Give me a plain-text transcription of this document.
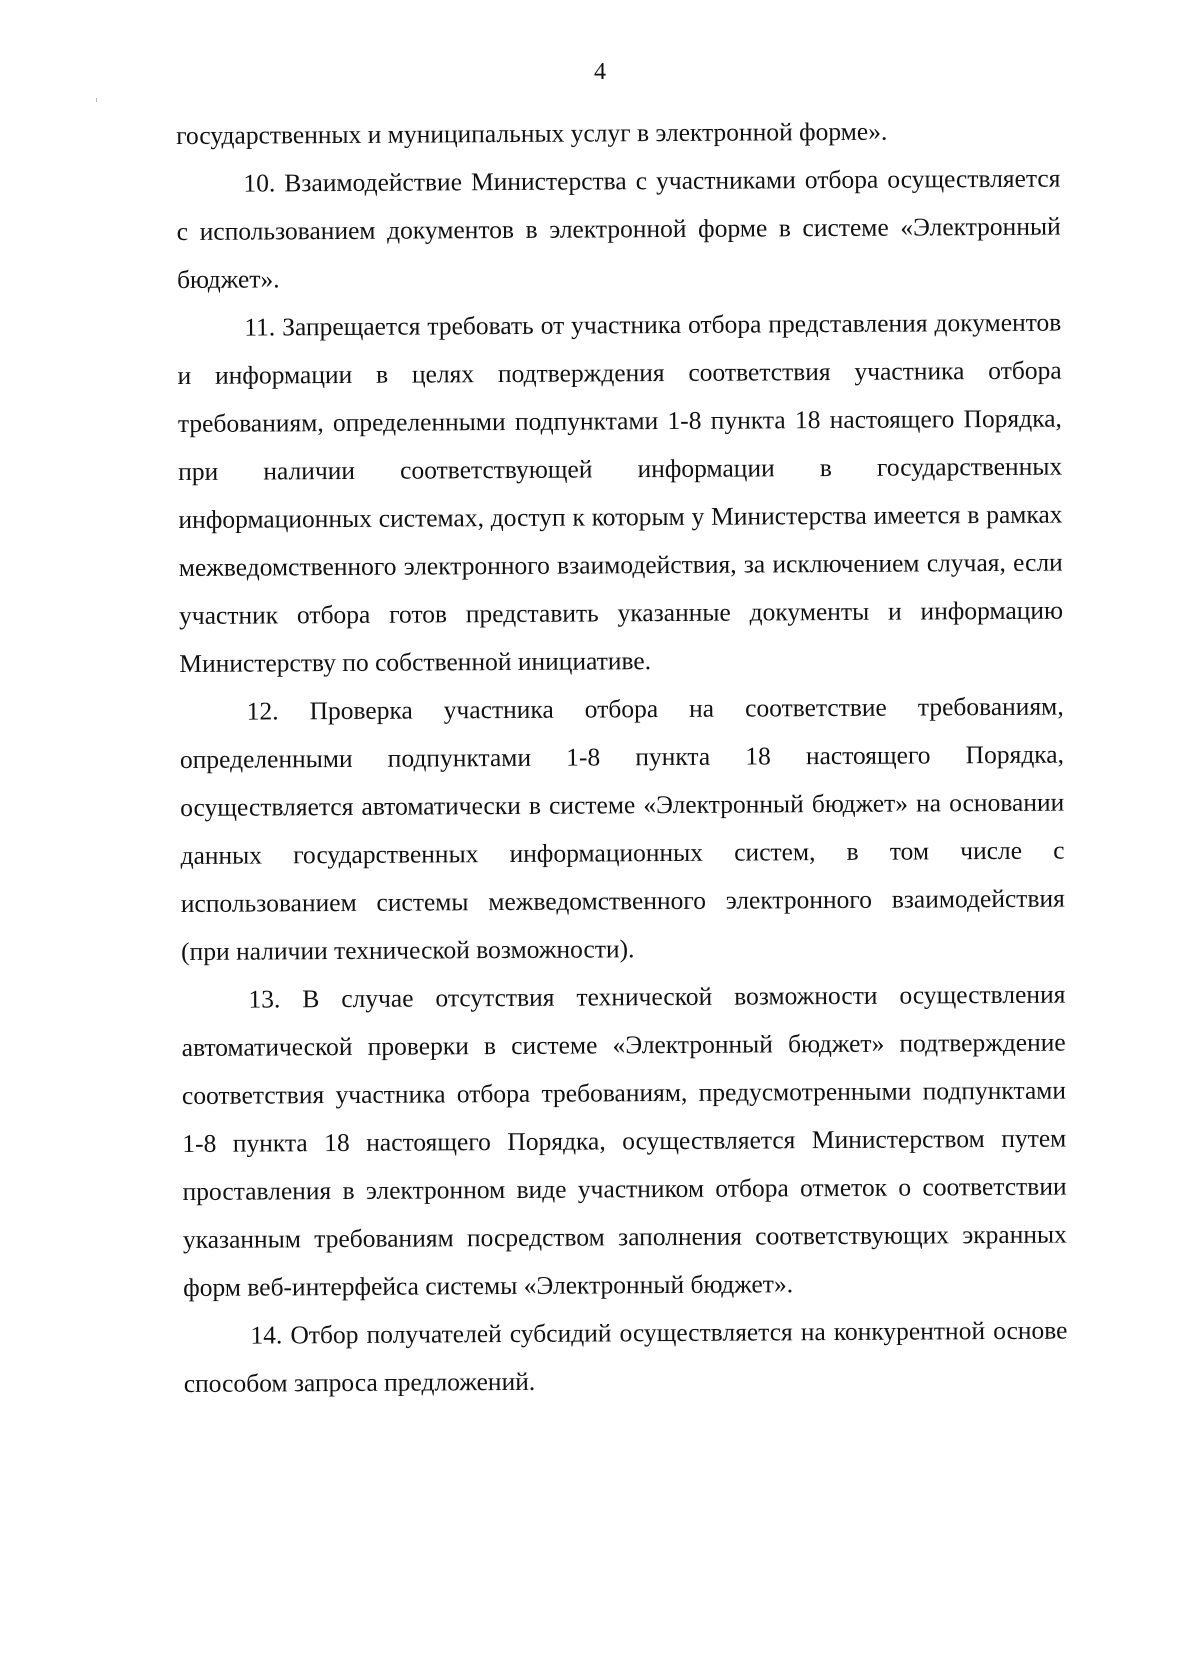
4

государственных и муниципальных услуг в электронной форме».

10. Взаимодействие Министерства с участниками отбора осуществляется с использованием документов в электронной форме в системе «Электронный бюджет».

11. Запрещается требовать от участника отбора представления документов и информации в целях подтверждения соответствия участника отбора требованиям, определенными подпунктами 1-8 пункта 18 настоящего Порядка, при наличии соответствующей информации в государственных информационных системах, доступ к которым у Министерства имеется в рамках межведомственного электронного взаимодействия, за исключением случая, если участник отбора готов представить указанные документы и информацию Министерству по собственной инициативе.

12. Проверка участника отбора на соответствие требованиям, определенными подпунктами 1-8 пункта 18 настоящего Порядка, осуществляется автоматически в системе «Электронный бюджет» на основании данных государственных информационных систем, в том числе с использованием системы межведомственного электронного взаимодействия (при наличии технической возможности).

13. В случае отсутствия технической возможности осуществления автоматической проверки в системе «Электронный бюджет» подтверждение соответствия участника отбора требованиям, предусмотренными подпунктами 1-8 пункта 18 настоящего Порядка, осуществляется Министерством путем проставления в электронном виде участником отбора отметок о соответствии указанным требованиям посредством заполнения соответствующих экранных форм веб-интерфейса системы «Электронный бюджет».

14. Отбор получателей субсидий осуществляется на конкурентной основе способом запроса предложений.
